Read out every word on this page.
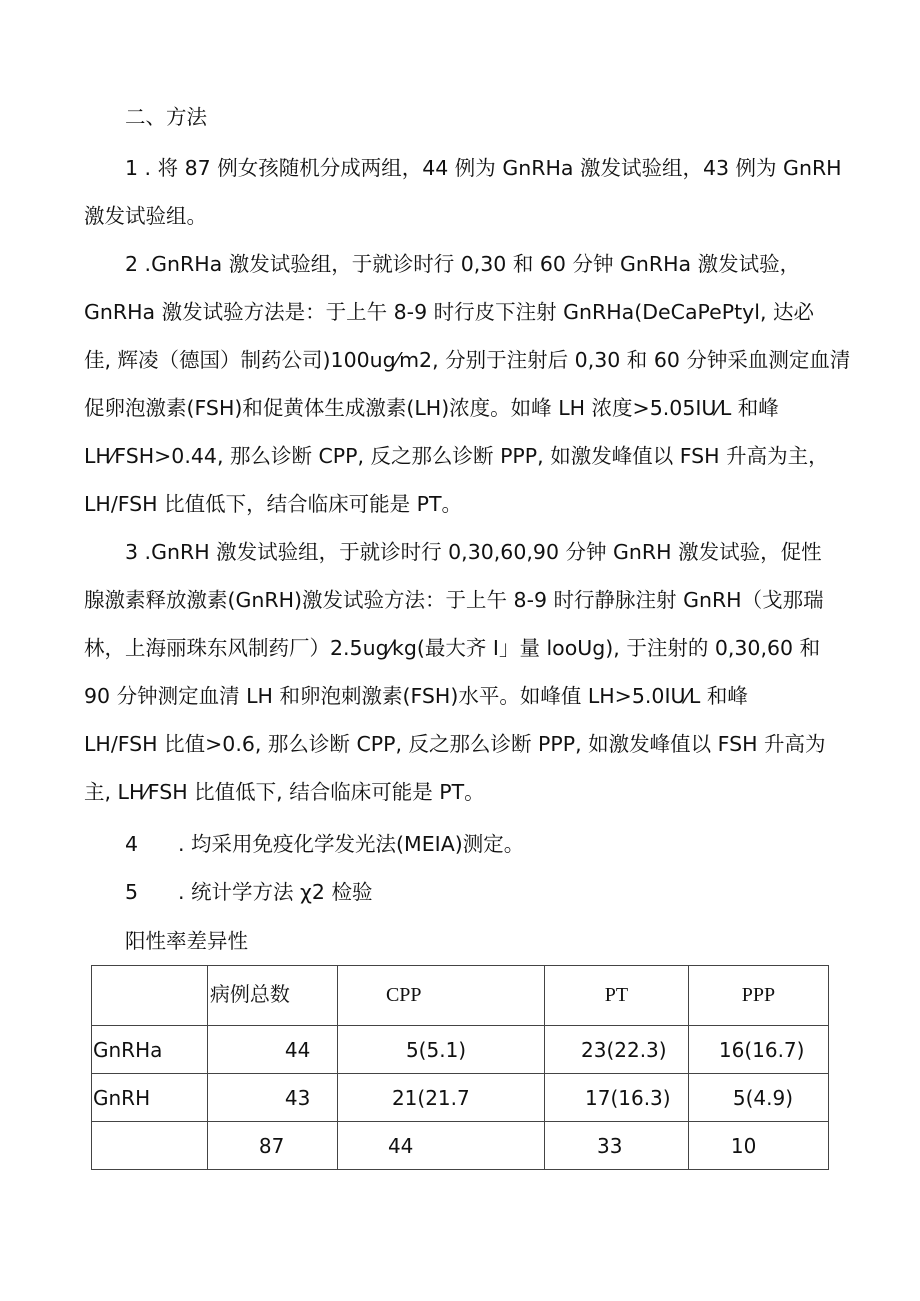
二、方法
1 . 将 87 例女孩随机分成两组，44 例为 GnRHa 激发试验组，43 例为 GnRH
激发试验组。
2 .GnRHa 激发试验组，于就诊时行 0,30 和 60 分钟 GnRHa 激发试验，
GnRHa 激发试验方法是：于上午 8-9 时行皮下注射 GnRHa(DeCaPePtyl, 达必
佳, 辉凌（德国）制药公司)100ug⁄m2, 分别于注射后 0,30 和 60 分钟采血测定血清
促卵泡激素(FSH)和促黄体生成激素(LH)浓度。如峰 LH 浓度>5.05IU⁄L 和峰
LH⁄FSH>0.44, 那么诊断 CPP, 反之那么诊断 PPP, 如激发峰值以 FSH 升高为主，
LH/FSH 比值低下，结合临床可能是 PT。
3 .GnRH 激发试验组，于就诊时行 0,30,60,90 分钟 GnRH 激发试验，促性
腺激素释放激素(GnRH)激发试验方法：于上午 8-9 时行静脉注射 GnRH（戈那瑞
林，上海丽珠东风制药厂）2.5ug⁄kg(最大齐 I」量 looUg), 于注射的 0,30,60 和
90 分钟测定血清 LH 和卵泡刺激素(FSH)水平。如峰值 LH>5.0IU⁄L 和峰
LH/FSH 比值>0.6, 那么诊断 CPP, 反之那么诊断 PPP, 如激发峰值以 FSH 升高为
主, LH⁄FSH 比值低下, 结合临床可能是 PT。
4 . 均采用免疫化学发光法(MEIA)测定。
5 . 统计学方法 χ2 检验
阳性率差异性
	病例总数	CPP	PT	PPP
GnRHa	44	5(5.1)	23(22.3)	16(16.7)
GnRH	43	21(21.7	17(16.3)	5(4.9)
	87	44	33	10
